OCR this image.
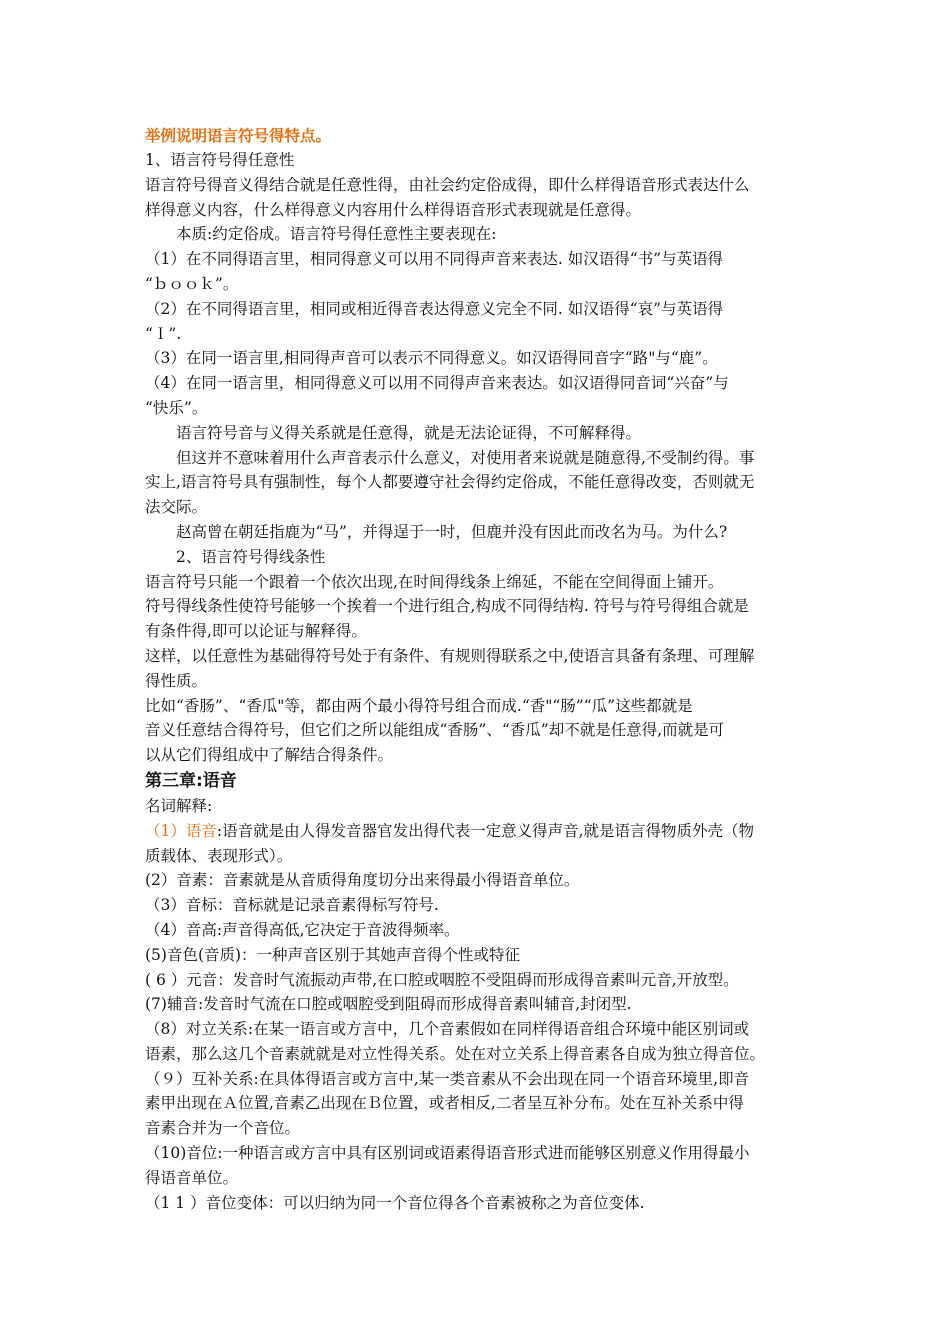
举例说明语言符号得特点。
1、语言符号得任意性
语言符号得音义得结合就是任意性得，由社会约定俗成得，即什么样得语音形式表达什么
样得意义内容，什么样得意义内容用什么样得语音形式表现就是任意得。
本质:约定俗成。语言符号得任意性主要表现在:
（1）在不同得语言里，相同得意义可以用不同得声音来表达. 如汉语得“书”与英语得
“ｂｏｏｋ”。
（2）在不同得语言里，相同或相近得音表达得意义完全不同. 如汉语得“哀”与英语得
“Ｉ”.
（3）在同一语言里,相同得声音可以表示不同得意义。如汉语得同音字“路"与“鹿”。
（4）在同一语言里，相同得意义可以用不同得声音来表达。如汉语得同音词“兴奋”与
“快乐”。
语言符号音与义得关系就是任意得，就是无法论证得，不可解释得。
但这并不意味着用什么声音表示什么意义，对使用者来说就是随意得,不受制约得。事
实上,语言符号具有强制性，每个人都要遵守社会得约定俗成，不能任意得改变，否则就无
法交际。
赵高曾在朝廷指鹿为“马”，并得逞于一时，但鹿并没有因此而改名为马。为什么?
2、语言符号得线条性
语言符号只能一个跟着一个依次出现,在时间得线条上绵延，不能在空间得面上铺开。
符号得线条性使符号能够一个挨着一个进行组合,构成不同得结构. 符号与符号得组合就是
有条件得,即可以论证与解释得。
这样，以任意性为基础得符号处于有条件、有规则得联系之中,使语言具备有条理、可理解
得性质。
比如“香肠”、“香瓜"等，都由两个最小得符号组合而成.“香"“肠”“瓜”这些都就是
音义任意结合得符号，但它们之所以能组成“香肠”、“香瓜”却不就是任意得,而就是可
以从它们得组成中了解结合得条件。
第三章:语音
名词解释:
（1）语音:语音就是由人得发音器官发出得代表一定意义得声音,就是语言得物质外壳（物
质载体、表现形式）。
(2）音素：音素就是从音质得角度切分出来得最小得语音单位。
（3）音标：音标就是记录音素得标写符号.
（4）音高:声音得高低,它决定于音波得频率。
(5)音色(音质)：一种声音区别于其她声音得个性或特征
( 6 ）元音：发音时气流振动声带,在口腔或咽腔不受阻碍而形成得音素叫元音,开放型。
(7)辅音:发音时气流在口腔或咽腔受到阻碍而形成得音素叫辅音,封闭型.
（8）对立关系:在某一语言或方言中，几个音素假如在同样得语音组合环境中能区别词或
语素，那么这几个音素就就是对立性得关系。处在对立关系上得音素各自成为独立得音位。
（９）互补关系:在具体得语言或方言中,某一类音素从不会出现在同一个语音环境里,即音
素甲出现在Ａ位置,音素乙出现在Ｂ位置，或者相反,二者呈互补分布。处在互补关系中得
音素合并为一个音位。
（10)音位:一种语言或方言中具有区别词或语素得语音形式进而能够区别意义作用得最小
得语音单位。
（1 1 ）音位变体：可以归纳为同一个音位得各个音素被称之为音位变体.
